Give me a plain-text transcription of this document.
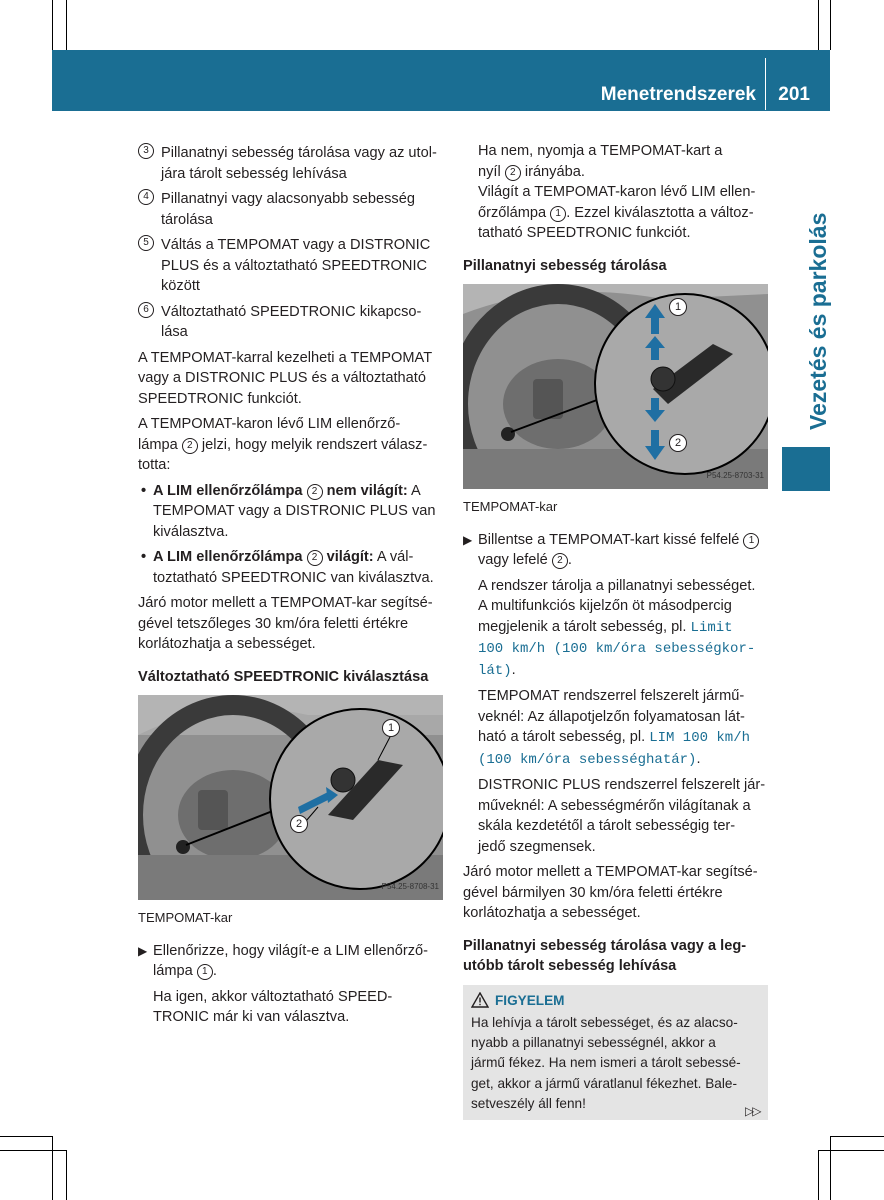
Menetrendszerek 201
Vezetés és parkolás
3 Pillanatnyi sebesség tárolása vagy az utol-
jára tárolt sebesség lehívása
4 Pillanatnyi vagy alacsonyabb sebesség
tárolása
5 Váltás a TEMPOMAT vagy a DISTRONIC
PLUS és a változtatható SPEEDTRONIC
között
6 Változtatható SPEEDTRONIC kikapcso-
lása

A TEMPOMAT-karral kezelheti a TEMPOMAT
vagy a DISTRONIC PLUS és a változtatható
SPEEDTRONIC funkciót.

A TEMPOMAT-karon lévő LIM ellenőrző-
lámpa 2 jelzi, hogy melyik rendszert válasz-
totta:

• A LIM ellenőrzőlámpa 2 nem világít: A
TEMPOMAT vagy a DISTRONIC PLUS van
kiválasztva.
• A LIM ellenőrzőlámpa 2 világít: A vál-
toztatható SPEEDTRONIC van kiválasztva.

Járó motor mellett a TEMPOMAT-kar segítsé-
gével tetszőleges 30 km/óra feletti értékre
korlátozhatja a sebességet.

Változtatható SPEEDTRONIC kiválasztása
1
2
P54.25-8708-31
TEMPOMAT-kar
▶ Ellenőrizze, hogy világít-e a LIM ellenőrző-
lámpa 1 .
Ha igen, akkor változtatható SPEED-
TRONIC már ki van választva.
Ha nem, nyomja a TEMPOMAT-kart a
nyíl 2 irányába.
Világít a TEMPOMAT-karon lévő LIM ellen-
őrzőlámpa 1 . Ezzel kiválasztotta a változ-
tatható SPEEDTRONIC funkciót.
Pillanatnyi sebesség tárolása
1
2
P54.25-8703-31
TEMPOMAT-kar
▶ Billentse a TEMPOMAT-kart kissé felfelé 1
vagy lefelé 2 .
A rendszer tárolja a pillanatnyi sebességet.
A multifunkciós kijelzőn öt másodpercig
megjelenik a tárolt sebesség, pl. Limit
100 km/h (100 km/óra sebességkor-
lát).
TEMPOMAT rendszerrel felszerelt jármű-
veknél: Az állapotjelzőn folyamatosan lát-
ható a tárolt sebesség, pl. LIM 100 km/h
(100 km/óra sebességhatár).
DISTRONIC PLUS rendszerrel felszerelt jár-
műveknél: A sebességmérőn világítanak a
skála kezdetétől a tárolt sebességig ter-
jedő szegmensek.

Járó motor mellett a TEMPOMAT-kar segítsé-
gével bármilyen 30 km/óra feletti értékre
korlátozhatja a sebességet.

Pillanatnyi sebesség tárolása vagy a leg-
utóbb tárolt sebesség lehívása
FIGYELEM
Ha lehívja a tárolt sebességet, és az alacso-
nyabb a pillanatnyi sebességnél, akkor a
jármű fékez. Ha nem ismeri a tárolt sebessé-
get, akkor a jármű váratlanul fékezhet. Bale-
setveszély áll fenn!
▷▷
